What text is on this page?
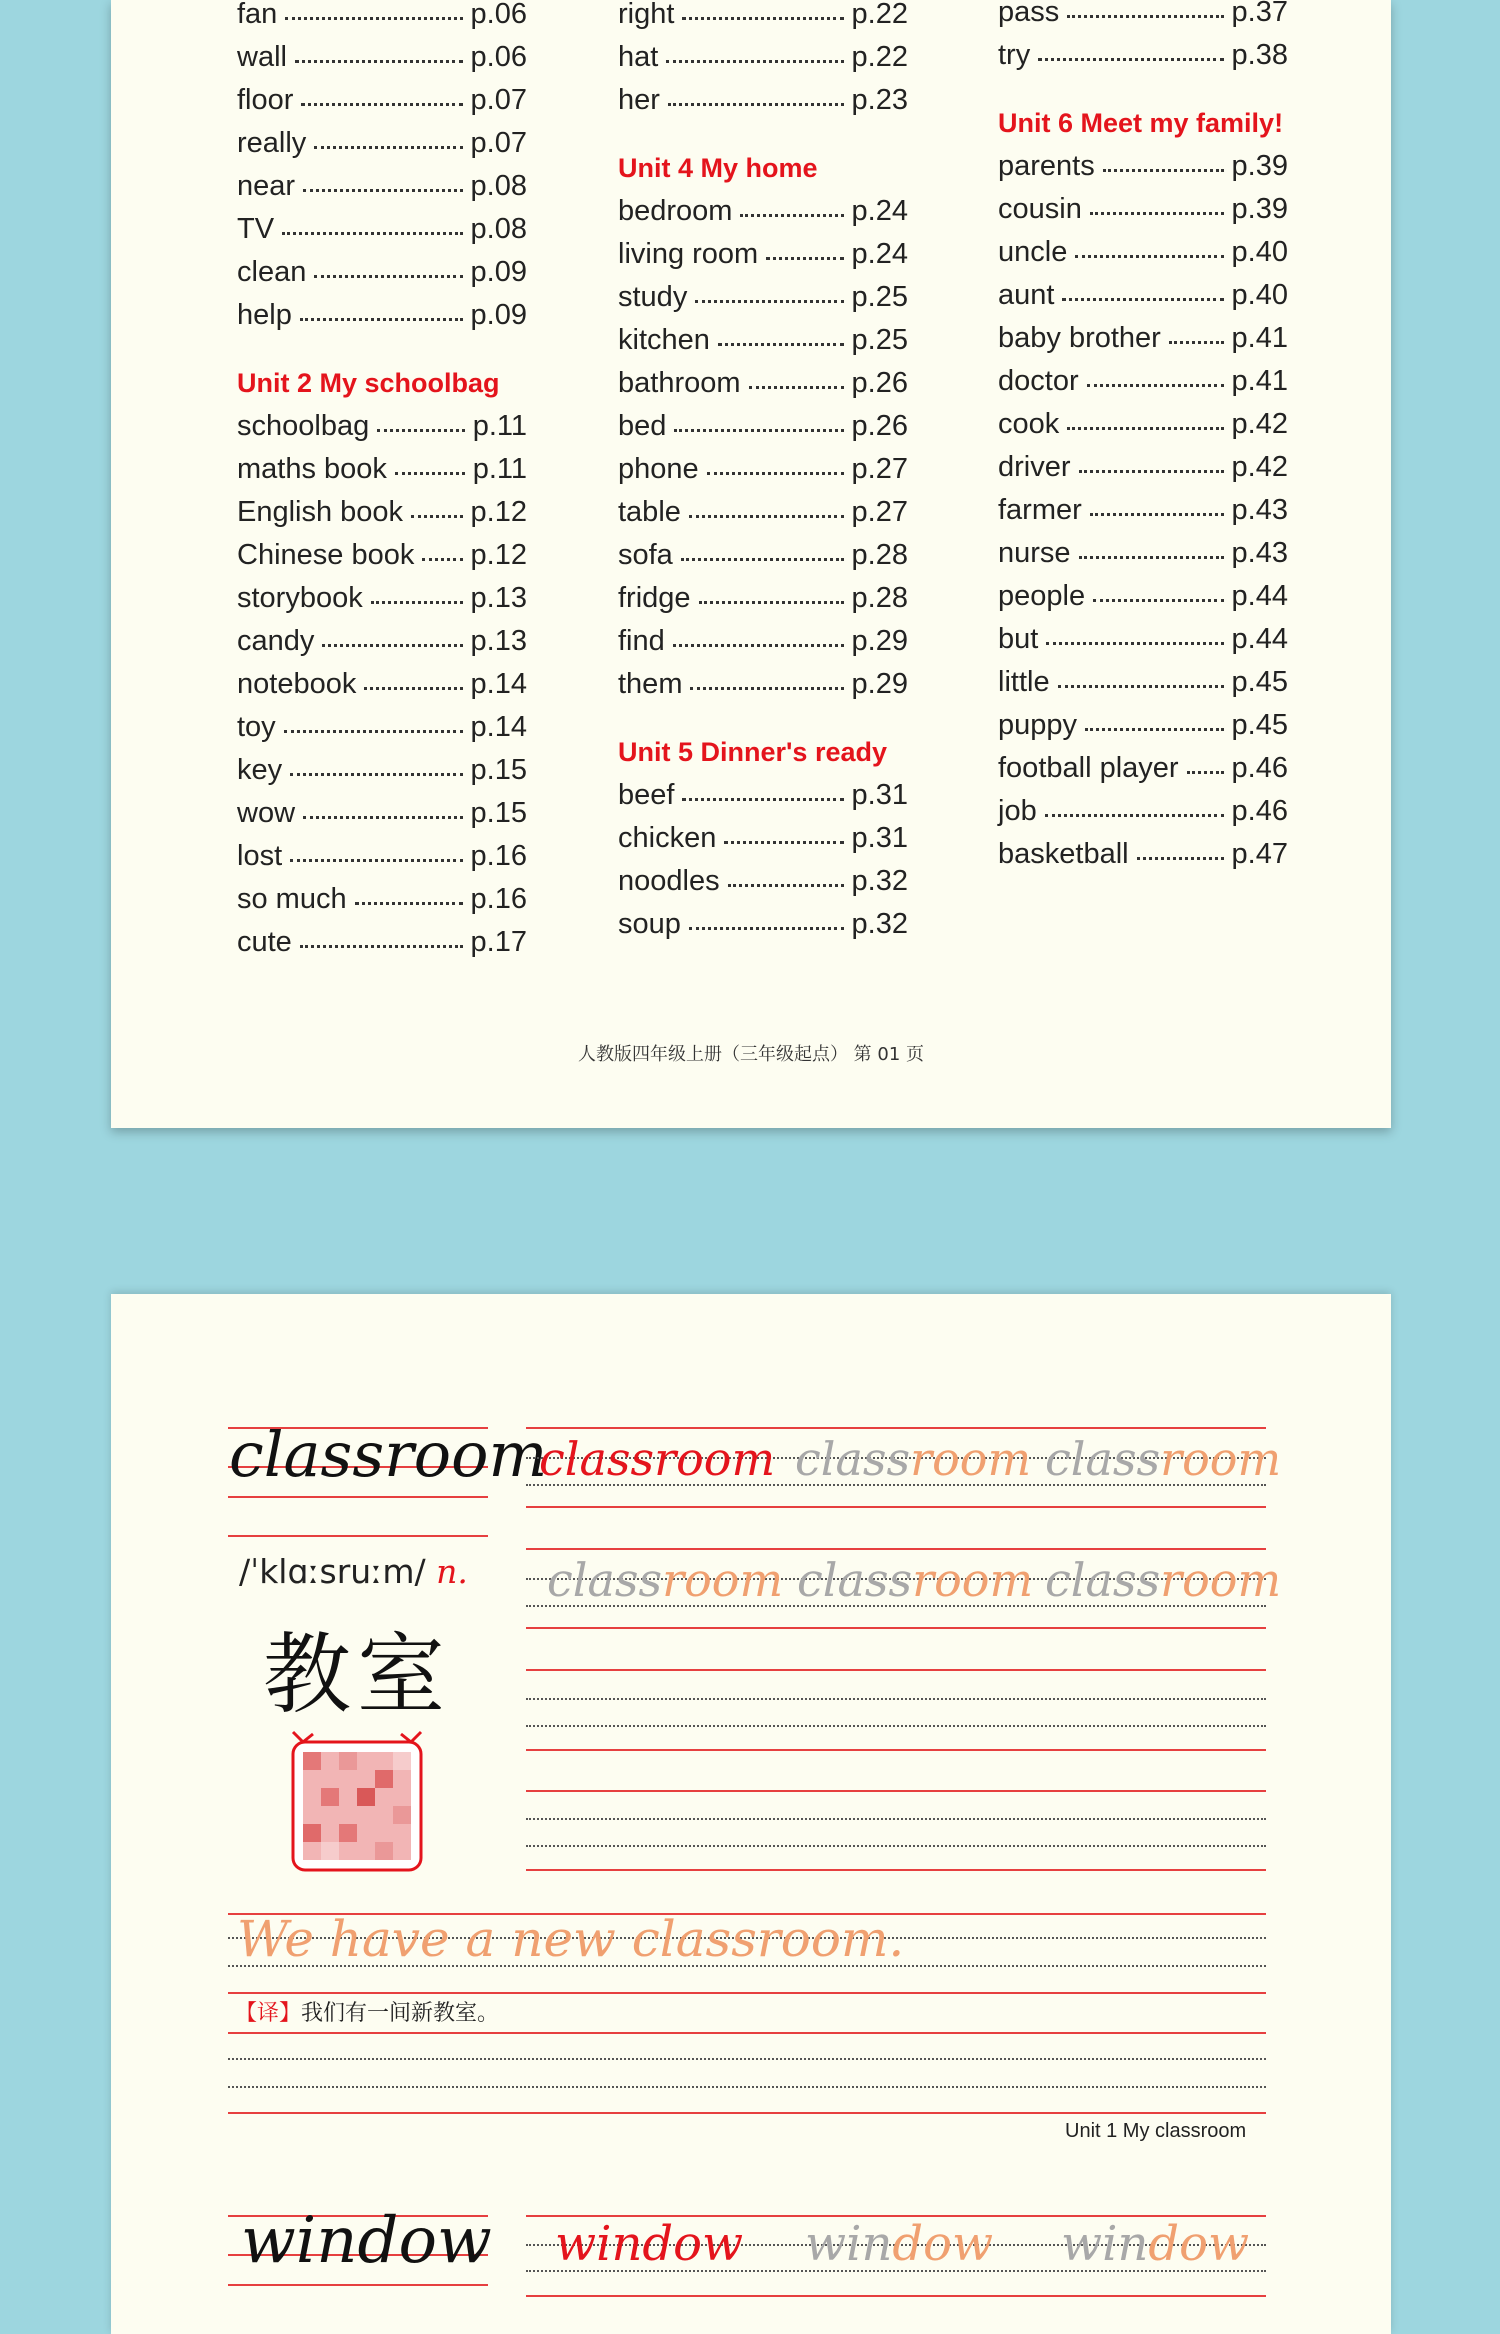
fan	p.06
wall	p.06
floor	p.07
really	p.07
near	p.08
TV	p.08
clean	p.09
help	p.09
Unit 2 My schoolbag
schoolbag	p.11
maths book	p.11
English book p.12
Chinese book p.12
storybook	p.13
candy	p.13
notebook	p.14
toy	p.14
key	p.15
wow	p.15
lost	p.16
so much	p.16
cute	p.17
right	p.22
hat	p.22
her	p.23
Unit 4 My home
bedroom	p.24
living room	p.24
study	p.25
kitchen	p.25
bathroom	p.26
bed	p.26
phone	p.27
table	p.27
sofa	p.28
fridge	p.28
find	p.29
them	p.29
Unit 5 Dinner's ready
beef	p.31
chicken	p.31
noodles	p.32
soup	p.32
pass	p.37
try	p.38
Unit 6 Meet my family!
parents	p.39
cousin	p.39
uncle	p.40
aunt	p.40
baby brother p.41
doctor	p.41
cook	p.42
driver	p.42
farmer	p.43
nurse	p.43
people	p.44
but	p.44
little	p.45
puppy	p.45
football player p.46
job	p.46
basketball	p.47
人教版四年级上册（三年级起点） 第 01 页
classroom
classroom classroom classroom
classroom classroom classroom
/ˈklɑːsruːm/ n.
教室
We have a new classroom.
【译】我们有一间新教室。
Unit 1 My classroom
window window window window
